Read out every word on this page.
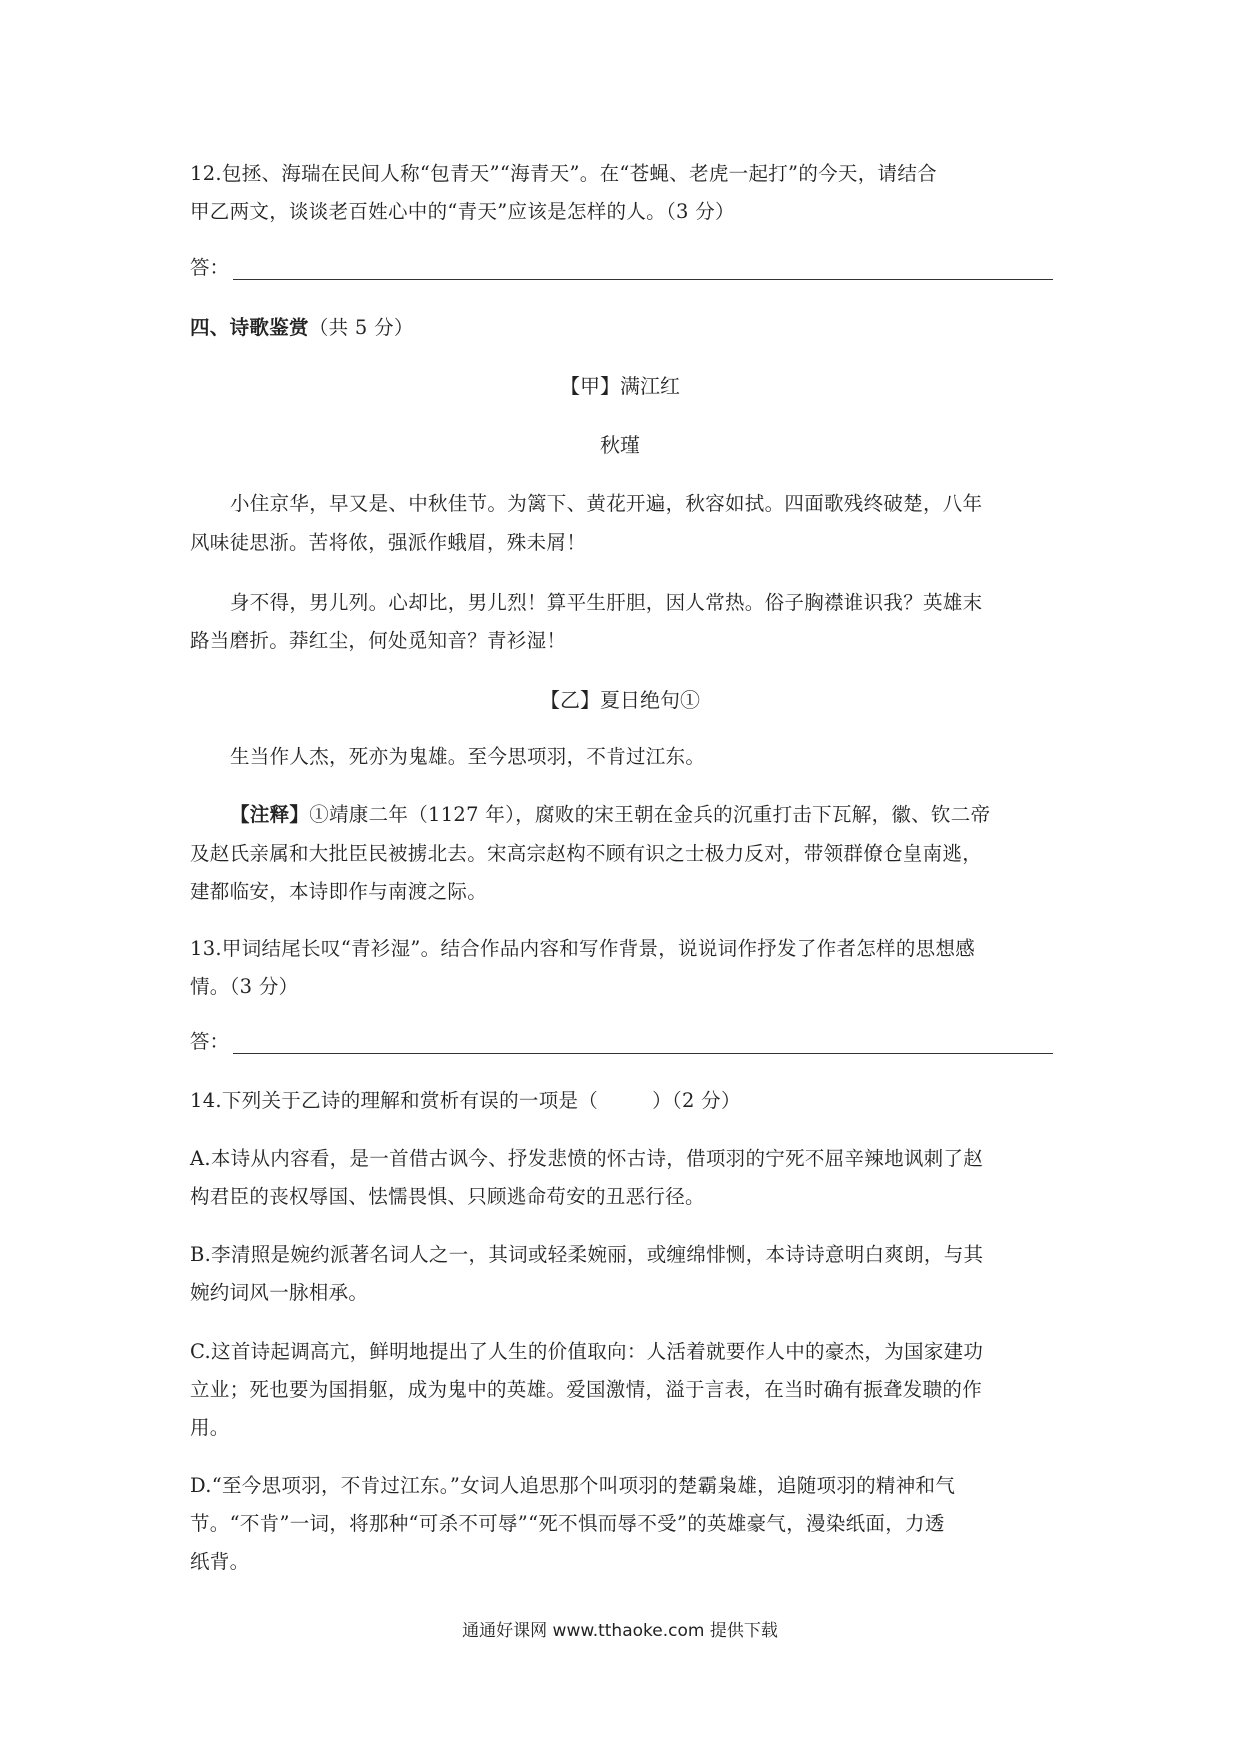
12.包拯、海瑞在民间人称“包青天”“海青天”。在“苍蝇、老虎一起打”的今天，请结合
甲乙两文，谈谈老百姓心中的“青天”应该是怎样的人。（3 分）
答：
四、诗歌鉴赏（共 5 分）
【甲】满江红
秋瑾
小住京华，早又是、中秋佳节。为篱下、黄花开遍，秋容如拭。四面歌残终破楚，八年
风味徒思浙。苦将侬，强派作蛾眉，殊未屑！
身不得，男儿列。心却比，男儿烈！算平生肝胆，因人常热。俗子胸襟谁识我？英雄末
路当磨折。莽红尘，何处觅知音？青衫湿！
【乙】夏日绝句①
生当作人杰，死亦为鬼雄。至今思项羽，不肯过江东。
【注释】①靖康二年（1127 年），腐败的宋王朝在金兵的沉重打击下瓦解，徽、钦二帝
及赵氏亲属和大批臣民被掳北去。宋高宗赵构不顾有识之士极力反对，带领群僚仓皇南逃，
建都临安，本诗即作与南渡之际。
13.甲词结尾长叹“青衫湿”。结合作品内容和写作背景，说说词作抒发了作者怎样的思想感
情。（3 分）
答：
14.下列关于乙诗的理解和赏析有误的一项是（	）（2 分）
A.本诗从内容看，是一首借古讽今、抒发悲愤的怀古诗，借项羽的宁死不屈辛辣地讽刺了赵
构君臣的丧权辱国、怯懦畏惧、只顾逃命苟安的丑恶行径。
B.李清照是婉约派著名词人之一，其词或轻柔婉丽，或缠绵悱恻，本诗诗意明白爽朗，与其
婉约词风一脉相承。
C.这首诗起调高亢，鲜明地提出了人生的价值取向：人活着就要作人中的豪杰，为国家建功
立业；死也要为国捐躯，成为鬼中的英雄。爱国激情，溢于言表，在当时确有振聋发聩的作
用。
D.“至今思项羽，不肯过江东。”女词人追思那个叫项羽的楚霸枭雄，追随项羽的精神和气
节。“不肯”一词，将那种“可杀不可辱”“死不惧而辱不受”的英雄豪气，漫染纸面，力透
纸背。
通通好课网 www.tthaoke.com 提供下载
